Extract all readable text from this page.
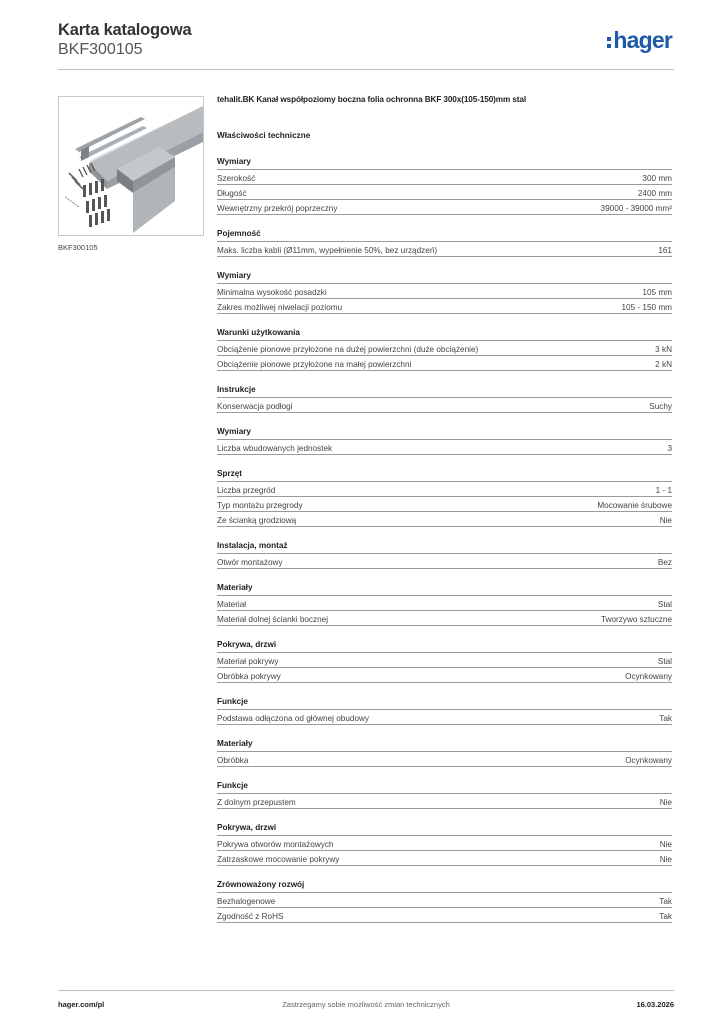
Karta katalogowa
BKF300105	hager
BKF300105
tehalit.BK Kanał współpoziomy boczna folia ochronna BKF 300x(105-150)mm stal
Właściwości techniczne
Wymiary
Szerokość	300 mm
Długość	2400 mm
Wewnętrzny przekrój poprzeczny	39000 - 39000 mm²
Pojemność
Maks. liczba kabli (Ø11mm, wypełnienie 50%, bez urządzeń)	161
Wymiary
Minimalna wysokość posadzki	105 mm
Zakres możliwej niwelacji poziomu	105 - 150 mm
Warunki użytkowania
Obciążenie pionowe przyłożone na dużej powierzchni (duże obciążenie)	3 kN
Obciążenie pionowe przyłożone na małej powierzchni	2 kN
Instrukcje
Konserwacja podłogi	Suchy
Wymiary
Liczba wbudowanych jednostek	3
Sprzęt
Liczba przegród	1 - 1
Typ montażu przegrody	Mocowanie śrubowe
Ze ścianką grodziową	Nie
Instalacja, montaż
Otwór montażowy	Bez
Materiały
Materiał	Stal
Materiał dolnej ścianki bocznej	Tworzywo sztuczne
Pokrywa, drzwi
Materiał pokrywy	Stal
Obróbka pokrywy	Ocynkowany
Funkcje
Podstawa odłączona od głównej obudowy	Tak
Materiały
Obróbka	Ocynkowany
Funkcje
Z dolnym przepustem	Nie
Pokrywa, drzwi
Pokrywa otworów montażowych	Nie
Zatrzaskowe mocowanie pokrywy	Nie
Zrównoważony rozwój
Bezhalogenowe	Tak
Zgodność z RoHS	Tak
hager.com/pl	Zastrzegamy sobie możliwość zmian technicznych	16.03.2026
